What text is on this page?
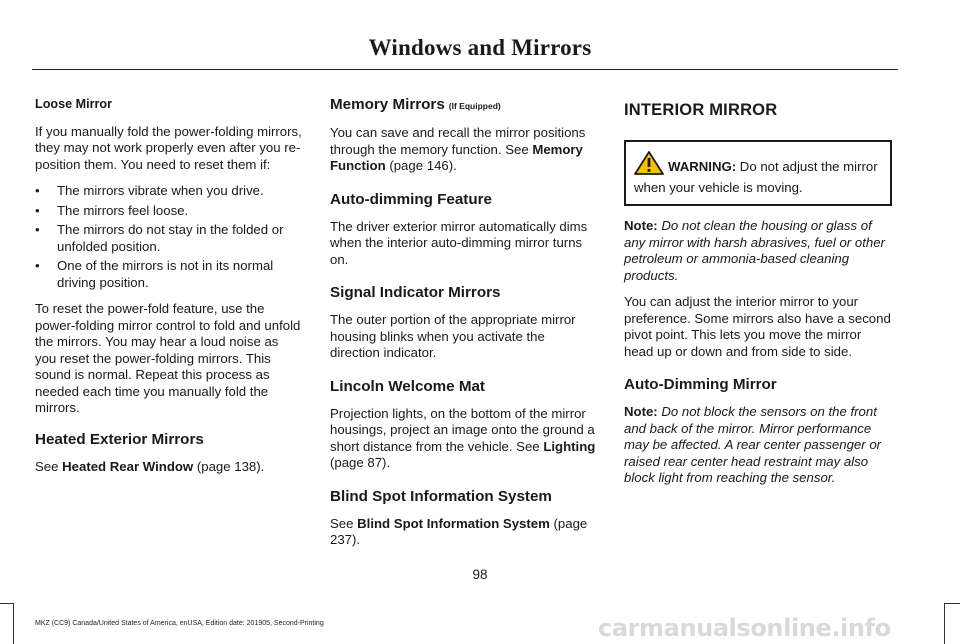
Windows and Mirrors
Loose Mirror

If you manually fold the power-folding mirrors, they may not work properly even after you re-position them. You need to reset them if:

• The mirrors vibrate when you drive.
• The mirrors feel loose.
• The mirrors do not stay in the folded or unfolded position.
• One of the mirrors is not in its normal driving position.

To reset the power-fold feature, use the power-folding mirror control to fold and unfold the mirrors. You may hear a loud noise as you reset the power-folding mirrors. This sound is normal. Repeat this process as needed each time you manually fold the mirrors.

Heated Exterior Mirrors

See Heated Rear Window (page 138).

Memory Mirrors (If Equipped)

You can save and recall the mirror positions through the memory function. See Memory Function (page 146).

Auto-dimming Feature

The driver exterior mirror automatically dims when the interior auto-dimming mirror turns on.

Signal Indicator Mirrors

The outer portion of the appropriate mirror housing blinks when you activate the direction indicator.

Lincoln Welcome Mat

Projection lights, on the bottom of the mirror housings, project an image onto the ground a short distance from the vehicle. See Lighting (page 87).

Blind Spot Information System

See Blind Spot Information System (page 237).

INTERIOR MIRROR
WARNING: Do not adjust the mirror when your vehicle is moving.

Note: Do not clean the housing or glass of any mirror with harsh abrasives, fuel or other petroleum or ammonia-based cleaning products.

You can adjust the interior mirror to your preference. Some mirrors also have a second pivot point. This lets you move the mirror head up or down and from side to side.

Auto-Dimming Mirror

Note: Do not block the sensors on the front and back of the mirror. Mirror performance may be affected. A rear center passenger or raised rear center head restraint may also block light from reaching the sensor.

98
MKZ (CC9) Canada/United States of America, enUSA, Edition date: 201905, Second-Printing	carmanualsonline.info
